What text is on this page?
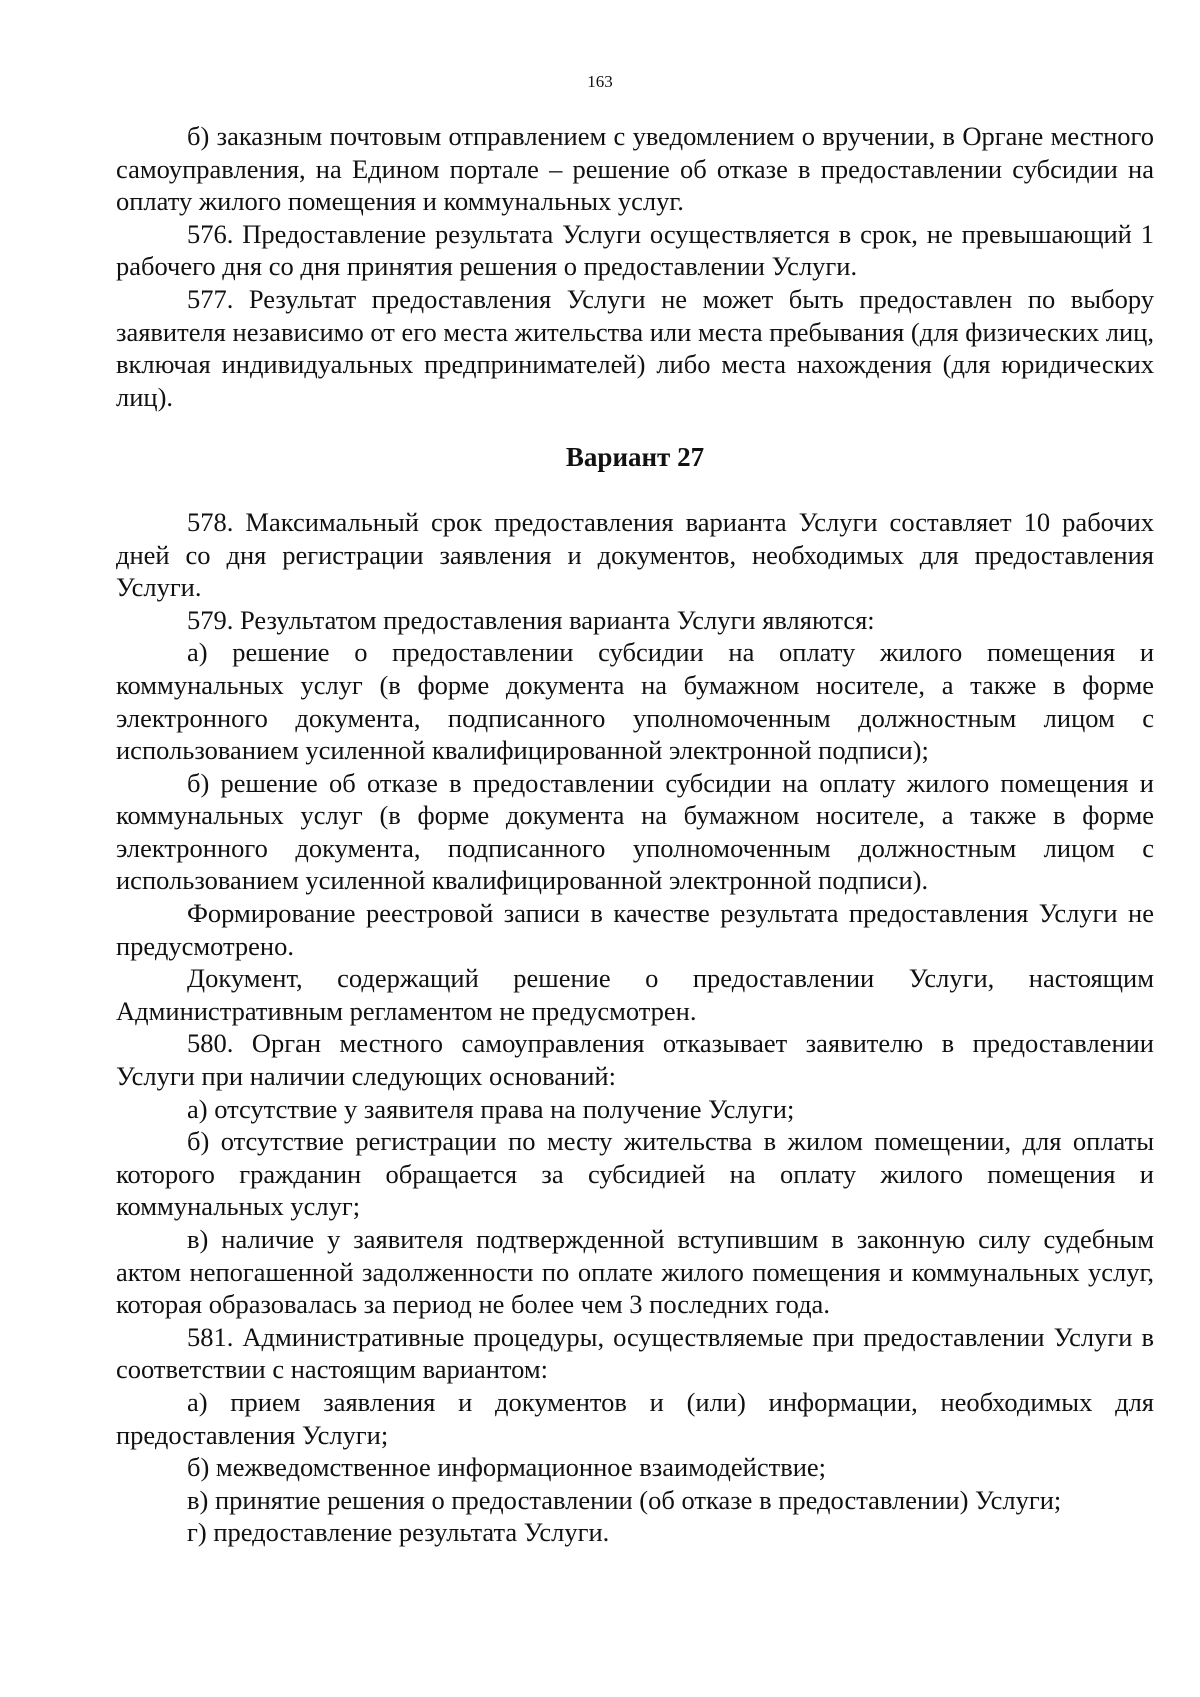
163

б) заказным почтовым отправлением с уведомлением о вручении, в Органе местного самоуправления, на Едином портале – решение об отказе в предоставлении субсидии на оплату жилого помещения и коммунальных услуг.

576. Предоставление результата Услуги осуществляется в срок, не превышающий 1 рабочего дня со дня принятия решения о предоставлении Услуги.

577. Результат предоставления Услуги не может быть предоставлен по выбору заявителя независимо от его места жительства или места пребывания (для физических лиц, включая индивидуальных предпринимателей) либо места нахождения (для юридических лиц).

Вариант 27

578. Максимальный срок предоставления варианта Услуги составляет 10 рабочих дней со дня регистрации заявления и документов, необходимых для предоставления Услуги.

579. Результатом предоставления варианта Услуги являются:

а) решение о предоставлении субсидии на оплату жилого помещения и коммунальных услуг (в форме документа на бумажном носителе, а также в форме электронного документа, подписанного уполномоченным должностным лицом с использованием усиленной квалифицированной электронной подписи);

б) решение об отказе в предоставлении субсидии на оплату жилого помещения и коммунальных услуг (в форме документа на бумажном носителе, а также в форме электронного документа, подписанного уполномоченным должностным лицом с использованием усиленной квалифицированной электронной подписи).

Формирование реестровой записи в качестве результата предоставления Услуги не предусмотрено.

Документ, содержащий решение о предоставлении Услуги, настоящим Административным регламентом не предусмотрен.

580. Орган местного самоуправления отказывает заявителю в предоставлении Услуги при наличии следующих оснований:

а) отсутствие у заявителя права на получение Услуги;

б) отсутствие регистрации по месту жительства в жилом помещении, для оплаты которого гражданин обращается за субсидией на оплату жилого помещения и коммунальных услуг;

в) наличие у заявителя подтвержденной вступившим в законную силу судебным актом непогашенной задолженности по оплате жилого помещения и коммунальных услуг, которая образовалась за период не более чем 3 последних года.

581. Административные процедуры, осуществляемые при предоставлении Услуги в соответствии с настоящим вариантом:

а) прием заявления и документов и (или) информации, необходимых для предоставления Услуги;

б) межведомственное информационное взаимодействие;

в) принятие решения о предоставлении (об отказе в предоставлении) Услуги;

г) предоставление результата Услуги.
